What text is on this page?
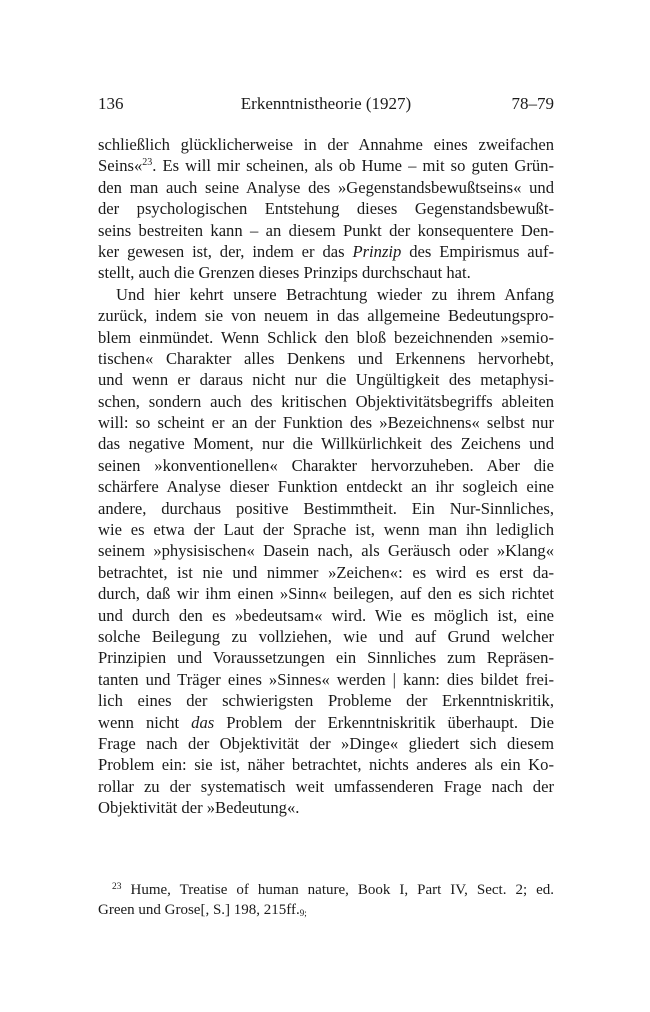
136	Erkenntnistheorie (1927)	78–79
schließlich glücklicherweise in der Annahme eines zweifachen
Seins«$^{23}$. Es will mir scheinen, als ob Hume – mit so guten Grün-
den man auch seine Analyse des »Gegenstandsbewußtseins« und
der psychologischen Entstehung dieses Gegenstandsbewußt-
seins bestreiten kann – an diesem Punkt der konsequentere Den-
ker gewesen ist, der, indem er das Prinzip des Empirismus auf-
stellt, auch die Grenzen dieses Prinzips durchschaut hat.
Und hier kehrt unsere Betrachtung wieder zu ihrem Anfang
zurück, indem sie von neuem in das allgemeine Bedeutungspro-
blem einmündet. Wenn Schlick den bloß bezeichnenden »semio-
tischen« Charakter alles Denkens und Erkennens hervorhebt,
und wenn er daraus nicht nur die Ungültigkeit des metaphysi-
schen, sondern auch des kritischen Objektivitätsbegriffs ableiten
will: so scheint er an der Funktion des »Bezeichnens« selbst nur
das negative Moment, nur die Willkürlichkeit des Zeichens und
seinen »konventionellen« Charakter hervorzuheben. Aber die
schärfere Analyse dieser Funktion entdeckt an ihr sogleich eine
andere, durchaus positive Bestimmtheit. Ein Nur-Sinnliches,
wie es etwa der Laut der Sprache ist, wenn man ihn lediglich
seinem »physisischen« Dasein nach, als Geräusch oder »Klang«
betrachtet, ist nie und nimmer »Zeichen«: es wird es erst da-
durch, daß wir ihm einen »Sinn« beilegen, auf den es sich richtet
und durch den es »bedeutsam« wird. Wie es möglich ist, eine
solche Beilegung zu vollziehen, wie und auf Grund welcher
Prinzipien und Voraussetzungen ein Sinnliches zum Repräsen-
tanten und Träger eines »Sinnes« werden | kann: dies bildet frei-
lich eines der schwierigsten Probleme der Erkenntniskritik,
wenn nicht das Problem der Erkenntniskritik überhaupt. Die
Frage nach der Objektivität der »Dinge« gliedert sich diesem
Problem ein: sie ist, näher betrachtet, nichts anderes als ein Ko-
rollar zu der systematisch weit umfassenderen Frage nach der
Objektivität der »Bedeutung«.
$^{23}$ Hume, Treatise of human nature, Book I, Part IV, Sect. 2; ed.
Green und Grose[, S.] 198, 215ff.9;
